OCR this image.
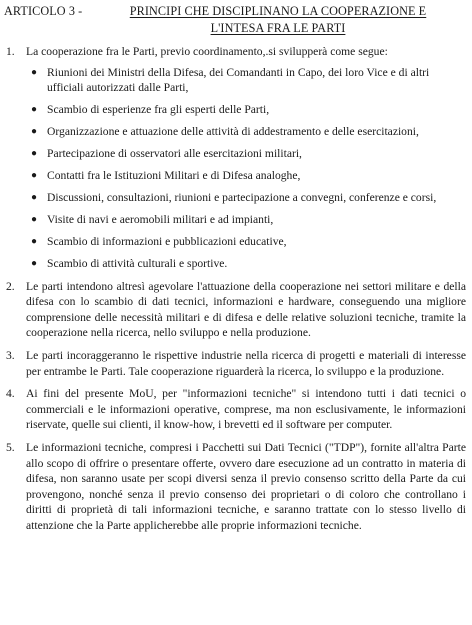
ARTICOLO 3 -	PRINCIPI CHE DISCIPLINANO LA COOPERAZIONE E
L'INTESA FRA LE PARTI
1. La cooperazione fra le Parti, previo coordinamento,.si svilupperà come segue:
● Riunioni dei Ministri della Difesa, dei Comandanti in Capo, dei loro Vice e di altri ufficiali autorizzati dalle Parti,
● Scambio di esperienze fra gli esperti delle Parti,
● Organizzazione e attuazione delle attività di addestramento e delle esercitazioni,
● Partecipazione di osservatori alle esercitazioni militari,
● Contatti fra le Istituzioni Militari e di Difesa analoghe,
● Discussioni, consultazioni, riunioni e partecipazione a convegni, conferenze e corsi,
● Visite di navi e aeromobili militari e ad impianti,
● Scambio di informazioni e pubblicazioni educative,
● Scambio di attività culturali e sportive.
2. Le parti intendono altresì agevolare l'attuazione della cooperazione nei settori militare e della difesa con lo scambio di dati tecnici, informazioni e hardware, conseguendo una migliore comprensione delle necessità militari e di difesa e delle relative soluzioni tecniche, tramite la cooperazione nella ricerca, nello sviluppo e nella produzione.
3. Le parti incoraggeranno le rispettive industrie nella ricerca di progetti e materiali di interesse per entrambe le Parti. Tale cooperazione riguarderà la ricerca, lo sviluppo e la produzione.
4. Ai fini del presente MoU, per "informazioni tecniche" si intendono tutti i dati tecnici o commerciali e le informazioni operative, comprese, ma non esclusivamente, le informazioni riservate, quelle sui clienti, il know-how, i brevetti ed il software per computer.
5. Le informazioni tecniche, compresi i Pacchetti sui Dati Tecnici ("TDP"), fornite all'altra Parte allo scopo di offrire o presentare offerte, ovvero dare esecuzione ad un contratto in materia di difesa, non saranno usate per scopi diversi senza il previo consenso scritto della Parte da cui provengono, nonché senza il previo consenso dei proprietari o di coloro che controllano i diritti di proprietà di tali informazioni tecniche, e saranno trattate con lo stesso livello di attenzione che la Parte applicherebbe alle proprie informazioni tecniche.
